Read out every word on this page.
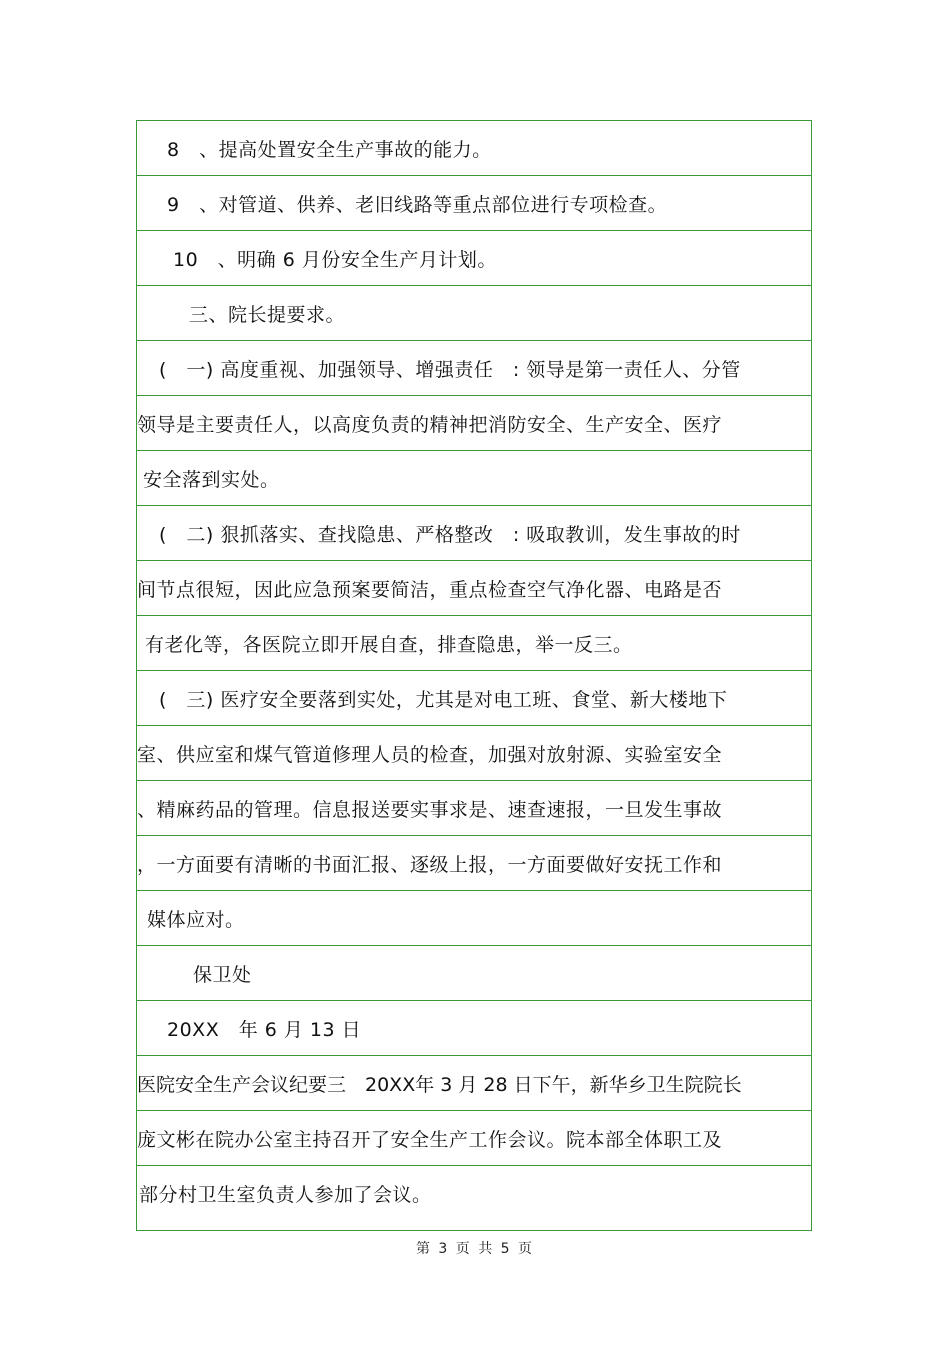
8　、提高处置安全生产事故的能力。
9　、对管道、供养、老旧线路等重点部位进行专项检查。
10　、明确 6 月份安全生产月计划。
三、院长提要求。
(　一) 高度重视、加强领导、增强责任　: 领导是第一责任人、分管
领导是主要责任人，以高度负责的精神把消防安全、生产安全、医疗
安全落到实处。
(　二) 狠抓落实、查找隐患、严格整改　: 吸取教训，发生事故的时
间节点很短，因此应急预案要简洁，重点检查空气净化器、电路是否
有老化等，各医院立即开展自查，排查隐患，举一反三。
(　三) 医疗安全要落到实处，尤其是对电工班、食堂、新大楼地下
室、供应室和煤气管道修理人员的检查，加强对放射源、实验室安全
、精麻药品的管理。信息报送要实事求是、速查速报，一旦发生事故
，一方面要有清晰的书面汇报、逐级上报，一方面要做好安抚工作和
媒体应对。
保卫处
20XX　年 6 月 13 日
医院安全生产会议纪要三　20XX年 3 月 28 日下午，新华乡卫生院院长
庞文彬在院办公室主持召开了安全生产工作会议。院本部全体职工及
部分村卫生室负责人参加了会议。
第 3 页 共 5 页
